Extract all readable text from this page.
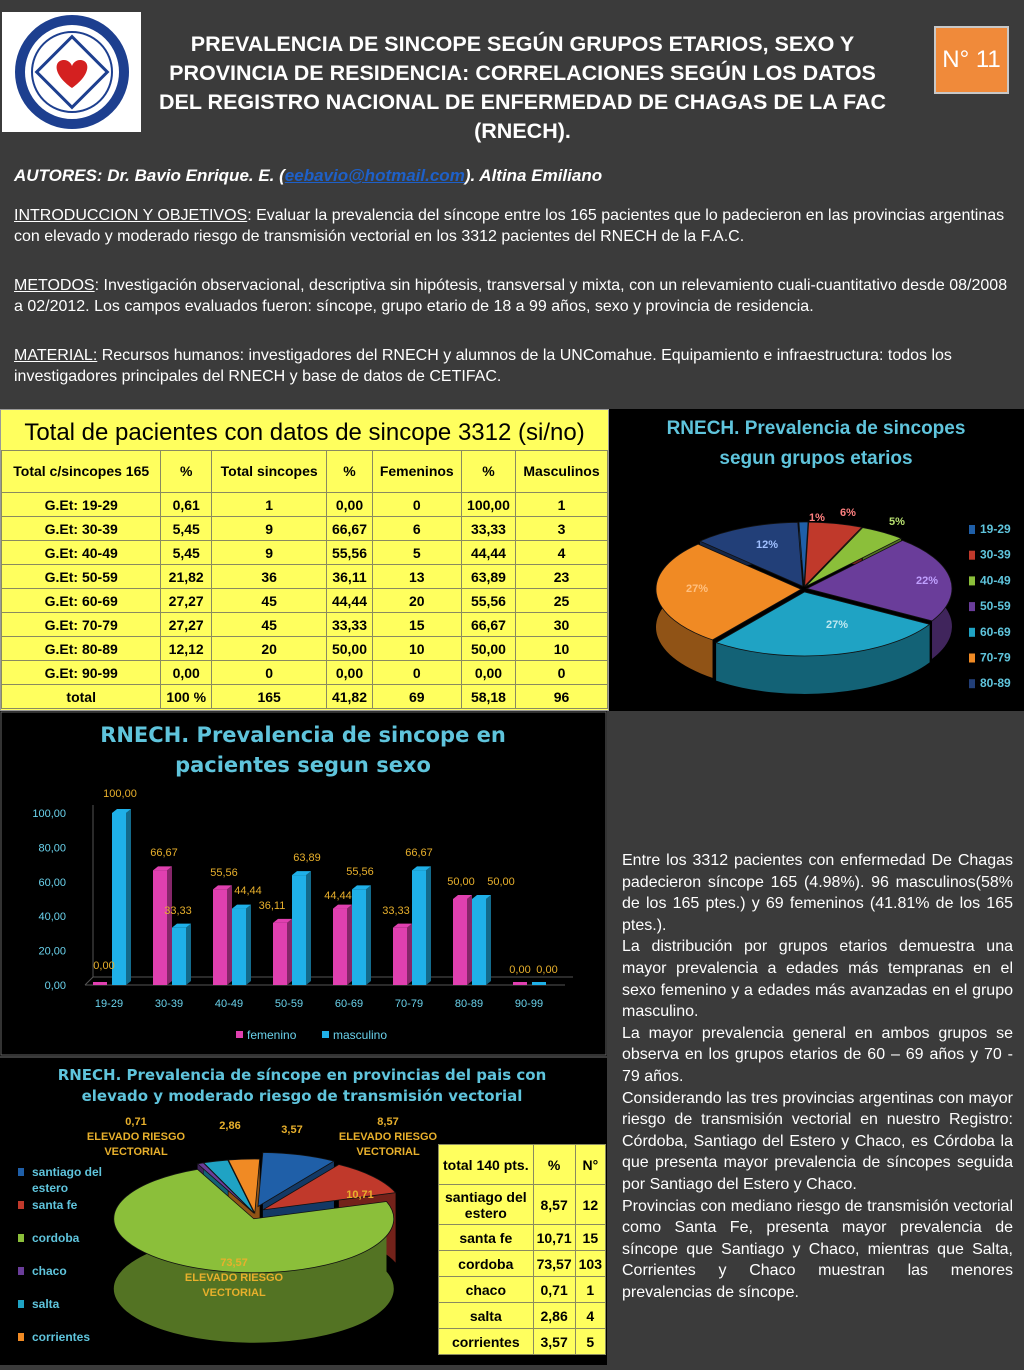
PREVALENCIA DE SINCOPE SEGÚN GRUPOS ETARIOS, SEXO Y PROVINCIA DE RESIDENCIA: CORRELACIONES SEGÚN LOS DATOS DEL REGISTRO NACIONAL DE ENFERMEDAD DE CHAGAS DE LA FAC (RNECH).
N° 11
AUTORES: Dr. Bavio Enrique. E. (eebavio@hotmail.com). Altina Emiliano
INTRODUCCION Y OBJETIVOS: Evaluar la prevalencia del síncope entre los 165 pacientes que lo padecieron en las provincias argentinas con elevado y moderado riesgo de transmisión vectorial en los 3312 pacientes del RNECH de la F.A.C.
METODOS: Investigación observacional, descriptiva sin hipótesis, transversal y mixta, con un relevamiento cuali-cuantitativo desde 08/2008 a 02/2012. Los campos evaluados fueron: síncope, grupo etario de 18 a 99 años, sexo y provincia de residencia.
MATERIAL: Recursos humanos: investigadores del RNECH y alumnos de la UNComahue. Equipamiento e infraestructura: todos los investigadores principales del RNECH y base de datos de CETIFAC.
Total de pacientes con datos de sincope 3312 (si/no)
Total c/sincopes 165	%	Total sincopes	%	Femeninos	%	Masculinos
G.Et: 19-29	0,61	1	0,00	0	100,00	1
G.Et: 30-39	5,45	9	66,67	6	33,33	3
G.Et: 40-49	5,45	9	55,56	5	44,44	4
G.Et: 50-59	21,82	36	36,11	13	63,89	23
G.Et: 60-69	27,27	45	44,44	20	55,56	25
G.Et: 70-79	27,27	45	33,33	15	66,67	30
G.Et: 80-89	12,12	20	50,00	10	50,00	10
G.Et: 90-99	0,00	0	0,00	0	0,00	0
total	100 %	165	41,82	69	58,18	96
RNECH. Prevalencia de sincopes segun grupos etarios
1% 6%
5%
22%
27%
27%
12%
19-29
30-39
40-49
50-59
60-69
70-79
80-89
RNECH. Prevalencia de sincope en pacientes segun sexo
0,00
20,00
40,00
60,00
80,00
100,00
19-29	30-39	40-49	50-59	60-69	70-79	80-89	90-99
0,00
100,00
66,67
33,33
55,56
44,44
36,11
63,89
44,44
55,56
33,33
66,67
50,00 50,00
0,00 0,00
femenino	masculino
RNECH. Prevalencia de síncope en provincias del pais con elevado y moderado riesgo de transmisión vectorial
8,57
ELEVADO RIESGO
VECTORIAL
10,71
73,57
ELEVADO RIESGO
VECTORIAL
0,71
ELEVADO RIESGO
VECTORIAL
2,86	3,57
santiago del
estero
santa fe
cordoba
chaco
salta
corrientes
total 140 pts.	%	N°
santiago del estero	8,57	12
santa fe	10,71	15
cordoba	73,57	103
chaco	0,71	1
salta	2,86	4
corrientes	3,57	5
Entre los 3312 pacientes con enfermedad De Chagas padecieron síncope 165 (4.98%). 96 masculinos(58% de los 165 ptes.) y 69 femeninos (41.81% de los 165 ptes.).
La distribución por grupos etarios demuestra una mayor prevalencia a edades más tempranas en el sexo femenino y a edades más avanzadas en el grupo masculino.
La mayor prevalencia general en ambos grupos se observa en los grupos etarios de 60 – 69 años y 70 - 79 años.
Considerando las tres provincias argentinas con mayor riesgo de transmisión vectorial en nuestro Registro: Córdoba, Santiago del Estero y Chaco, es Córdoba la que presenta mayor prevalencia de síncopes seguida por Santiago del Estero y Chaco.
Provincias con mediano riesgo de transmisión vectorial como Santa Fe, presenta mayor prevalencia de síncope que Santiago y Chaco, mientras que Salta, Corrientes y Chaco muestran las menores prevalencias de síncope.
